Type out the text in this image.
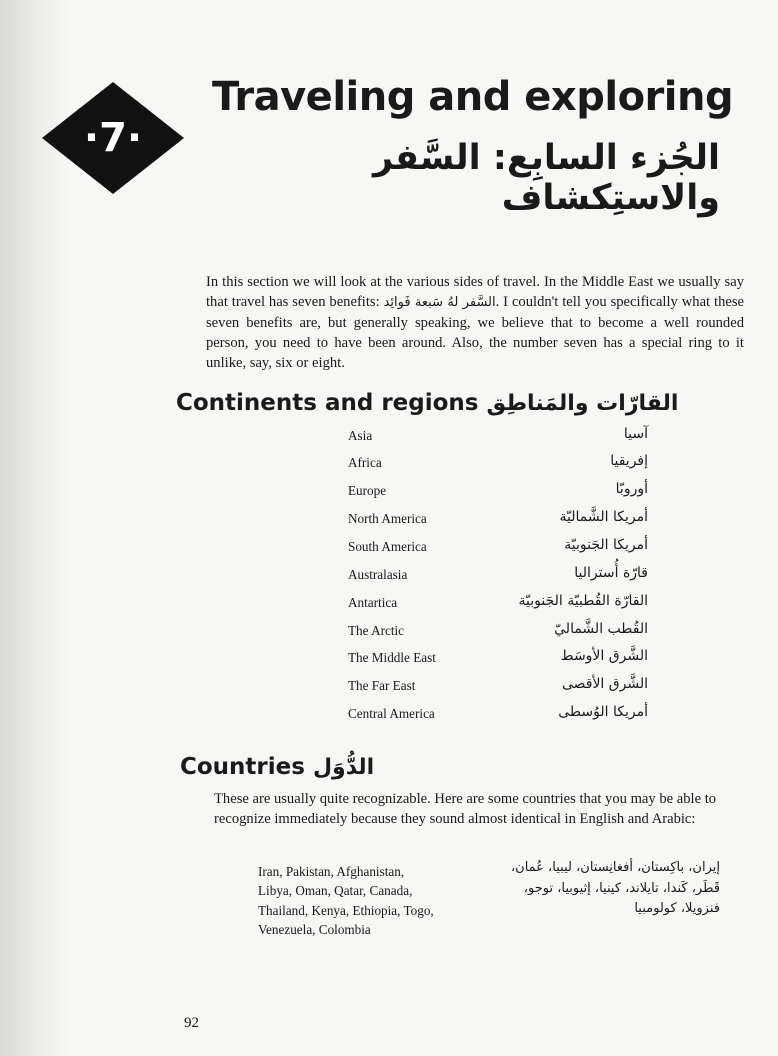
·7·
Traveling and exploring
الجُزء السابِع: السَّفر والاستِكشاف

In this section we will look at the various sides of travel. In the Middle East we usually say that travel has seven benefits: السَّفر لهُ سَبعة فَوائِد. I couldn't tell you specifically what these seven benefits are, but generally speaking, we believe that to become a well rounded person, you need to have been around. Also, the number seven has a special ring to it unlike, say, six or eight.

Continents and regions القارّات والمَناطِق
Asia	آسيا
Africa	إفريقيا
Europe	أوروبّا
North America	أمريكا الشَّماليّة
South America	أمريكا الجَنوبيّة
Australasia	قارّة أُستراليا
Antartica	القارّة القُطبيّة الجَنوبيّة
The Arctic	القُطب الشَّماليّ
The Middle East	الشَّرق الأوسَط
The Far East	الشَّرق الأقصى
Central America	أمريكا الوُسطى
Countries الدُّوَل

These are usually quite recognizable. Here are some countries that you may be able to recognize immediately because they sound almost identical in English and Arabic:

Iran, Pakistan, Afghanistan,
Libya, Oman, Qatar, Canada,
Thailand, Kenya, Ethiopia, Togo,
Venezuela, Colombia
إيران، باكِستان، أفغانِستان، ليبيا، عُمان،
قَطَر، كَندا، تايلاند، كينيا، إثيوبيا، توجو،
فنزويلا، كولومبيا
92
